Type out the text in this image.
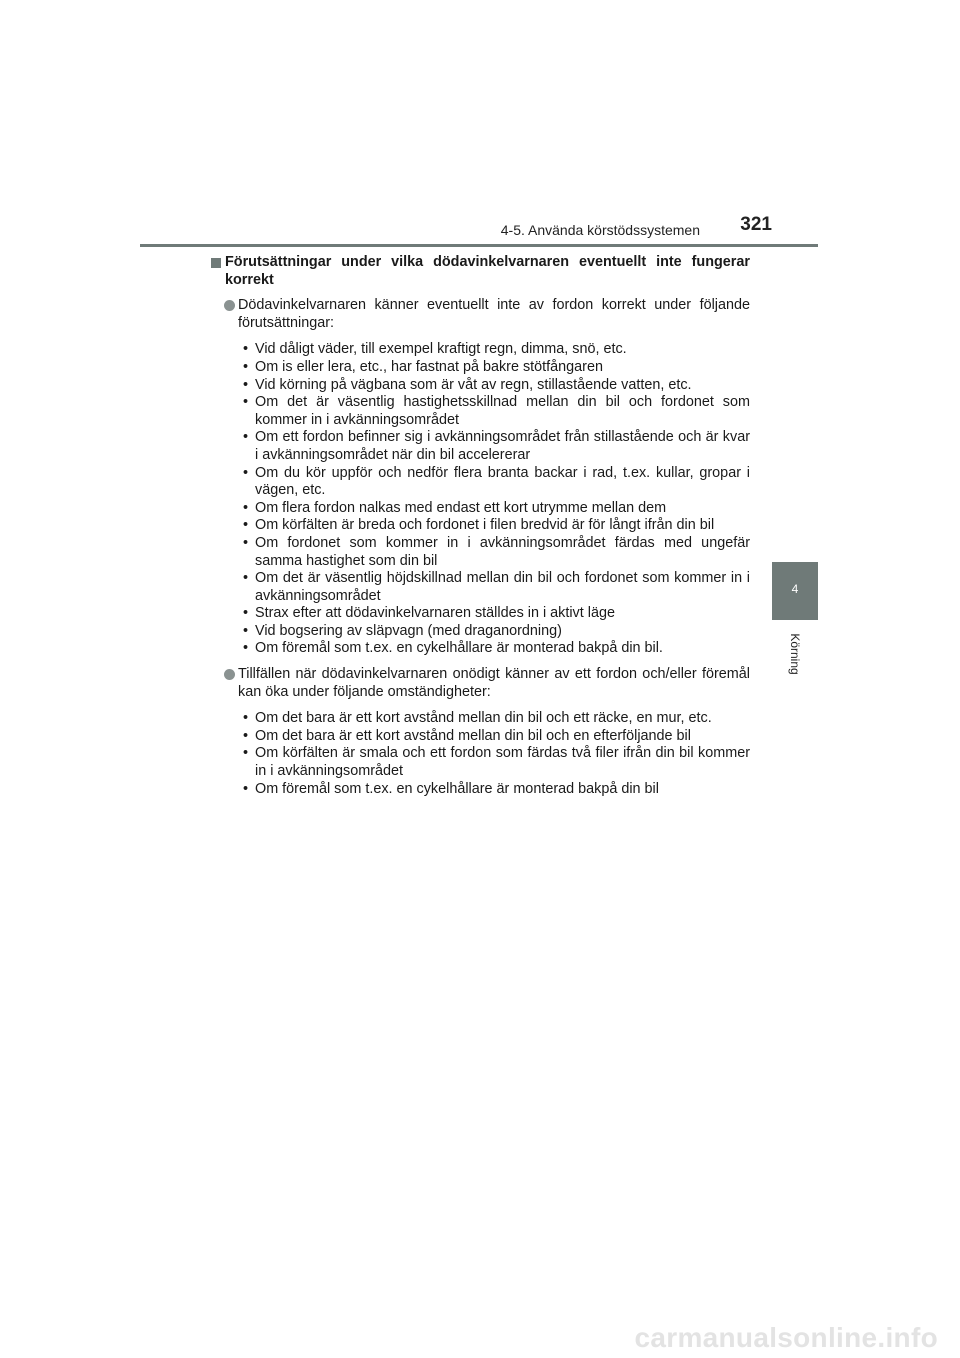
4-5. Använda körstödssystemen 321
4
Körning
Förutsättningar under vilka dödavinkelvarnaren eventuellt inte fungerar korrekt
Dödavinkelvarnaren känner eventuellt inte av fordon korrekt under följande förutsättningar:
• Vid dåligt väder, till exempel kraftigt regn, dimma, snö, etc.
• Om is eller lera, etc., har fastnat på bakre stötfångaren
• Vid körning på vägbana som är våt av regn, stillastående vatten, etc.
• Om det är väsentlig hastighetsskillnad mellan din bil och fordonet som kommer in i avkänningsområdet
• Om ett fordon befinner sig i avkänningsområdet från stillastående och är kvar i avkänningsområdet när din bil accelererar
• Om du kör uppför och nedför flera branta backar i rad, t.ex. kullar, gropar i vägen, etc.
• Om flera fordon nalkas med endast ett kort utrymme mellan dem
• Om körfälten är breda och fordonet i filen bredvid är för långt ifrån din bil
• Om fordonet som kommer in i avkänningsområdet färdas med ungefär samma hastighet som din bil
• Om det är väsentlig höjdskillnad mellan din bil och fordonet som kommer in i avkänningsområdet
• Strax efter att dödavinkelvarnaren ställdes in i aktivt läge
• Vid bogsering av släpvagn (med draganordning)
• Om föremål som t.ex. en cykelhållare är monterad bakpå din bil.
Tillfällen när dödavinkelvarnaren onödigt känner av ett fordon och/eller föremål kan öka under följande omständigheter:
• Om det bara är ett kort avstånd mellan din bil och ett räcke, en mur, etc.
• Om det bara är ett kort avstånd mellan din bil och en efterföljande bil
• Om körfälten är smala och ett fordon som färdas två filer ifrån din bil kommer in i avkänningsområdet
• Om föremål som t.ex. en cykelhållare är monterad bakpå din bil
carmanualsonline.info
